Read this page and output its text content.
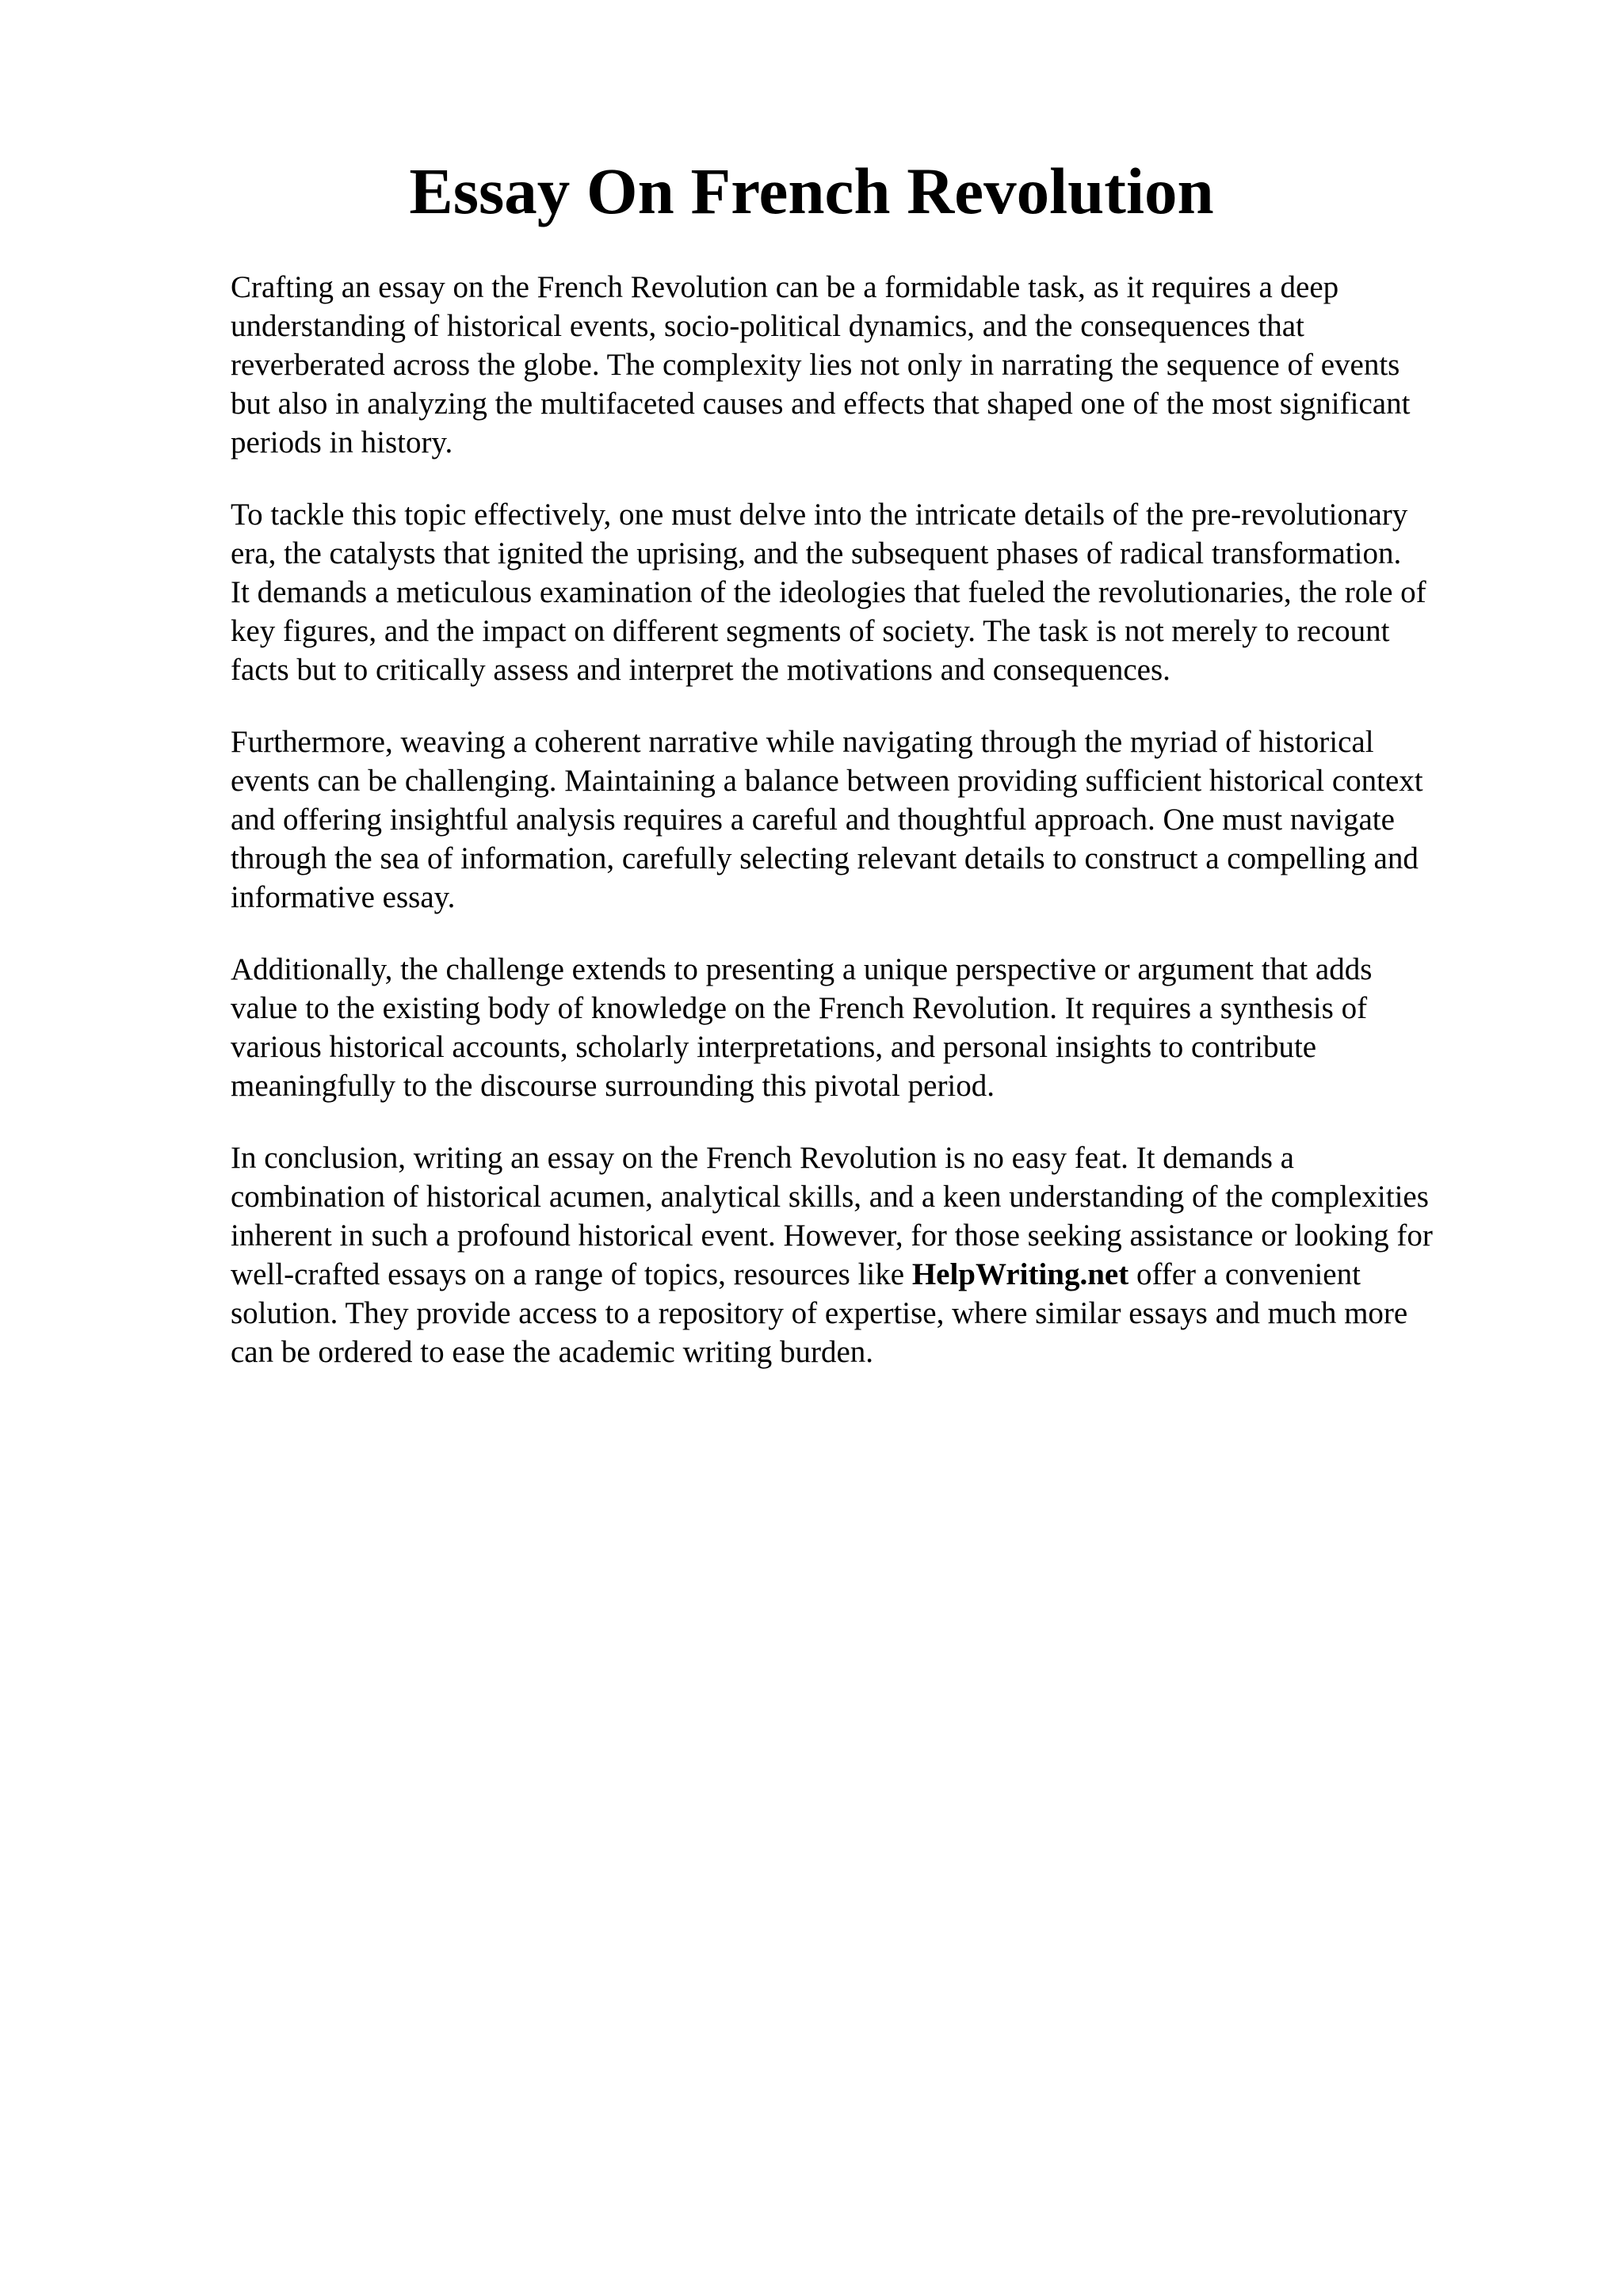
Essay On French Revolution

Crafting an essay on the French Revolution can be a formidable task, as it requires a deep
understanding of historical events, socio-political dynamics, and the consequences that
reverberated across the globe. The complexity lies not only in narrating the sequence of events
but also in analyzing the multifaceted causes and effects that shaped one of the most significant
periods in history.

To tackle this topic effectively, one must delve into the intricate details of the pre-revolutionary
era, the catalysts that ignited the uprising, and the subsequent phases of radical transformation.
It demands a meticulous examination of the ideologies that fueled the revolutionaries, the role of
key figures, and the impact on different segments of society. The task is not merely to recount
facts but to critically assess and interpret the motivations and consequences.

Furthermore, weaving a coherent narrative while navigating through the myriad of historical
events can be challenging. Maintaining a balance between providing sufficient historical context
and offering insightful analysis requires a careful and thoughtful approach. One must navigate
through the sea of information, carefully selecting relevant details to construct a compelling and
informative essay.

Additionally, the challenge extends to presenting a unique perspective or argument that adds
value to the existing body of knowledge on the French Revolution. It requires a synthesis of
various historical accounts, scholarly interpretations, and personal insights to contribute
meaningfully to the discourse surrounding this pivotal period.

In conclusion, writing an essay on the French Revolution is no easy feat. It demands a
combination of historical acumen, analytical skills, and a keen understanding of the complexities
inherent in such a profound historical event. However, for those seeking assistance or looking for
well-crafted essays on a range of topics, resources like HelpWriting.net offer a convenient
solution. They provide access to a repository of expertise, where similar essays and much more
can be ordered to ease the academic writing burden.
